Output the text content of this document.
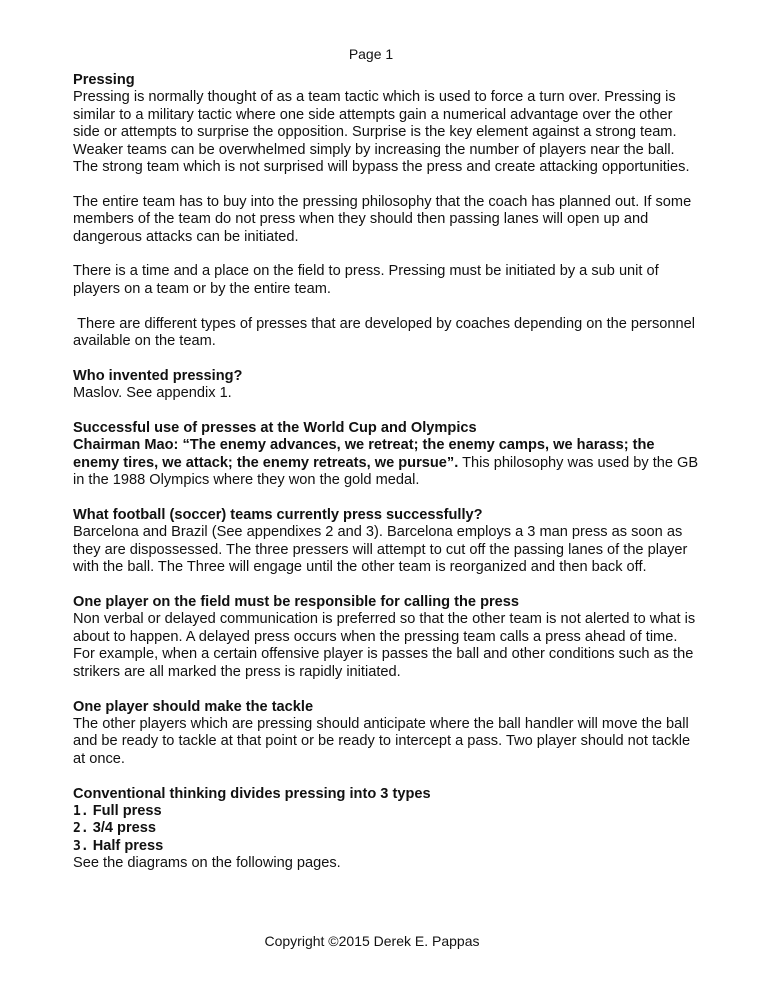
Page 1

Pressing

Pressing is normally thought of as a team tactic which is used to force a turn over. Pressing is similar to a military tactic where one side attempts gain a numerical advantage over the other side or attempts to surprise the opposition. Surprise is the key element against a strong team. Weaker teams can be overwhelmed simply by increasing the number of players near the ball. The strong team which is not surprised will bypass the press and create attacking opportunities.

The entire team has to buy into the pressing philosophy that the coach has planned out. If some members of the team do not press when they should then passing lanes will open up and dangerous attacks can be initiated.

There is a time and a place on the field to press. Pressing must be initiated by a sub unit of players on a team or by the entire team.

There are different types of presses that are developed by coaches depending on the personnel available on the team.

Who invented pressing?

Maslov. See appendix 1.

Successful use of presses at the World Cup and Olympics

Chairman Mao: “The enemy advances, we retreat; the enemy camps, we harass; the enemy tires, we attack; the enemy retreats, we pursue”. This philosophy was used by the GB in the 1988 Olympics where they won the gold medal.

What football (soccer) teams currently press successfully?

Barcelona and Brazil (See appendixes 2 and 3). Barcelona employs a 3 man press as soon as they are dispossessed. The three pressers will attempt to cut off the passing lanes of the player with the ball. The Three will engage until the other team is reorganized and then back off.

One player on the field must be responsible for calling the press

Non verbal or delayed communication is preferred so that the other team is not alerted to what is about to happen. A delayed press occurs when the pressing team calls a press ahead of time. For example, when a certain offensive player is passes the ball and other conditions such as the strikers are all marked the press is rapidly initiated.

One player should make the tackle

The other players which are pressing should anticipate where the ball handler will move the ball and be ready to tackle at that point or be ready to intercept a pass. Two player should not tackle at once.

Conventional thinking divides pressing into 3 types

1. Full press

2. 3/4 press

3. Half press

See the diagrams on the following pages.

Copyright ©2015 Derek E. Pappas
